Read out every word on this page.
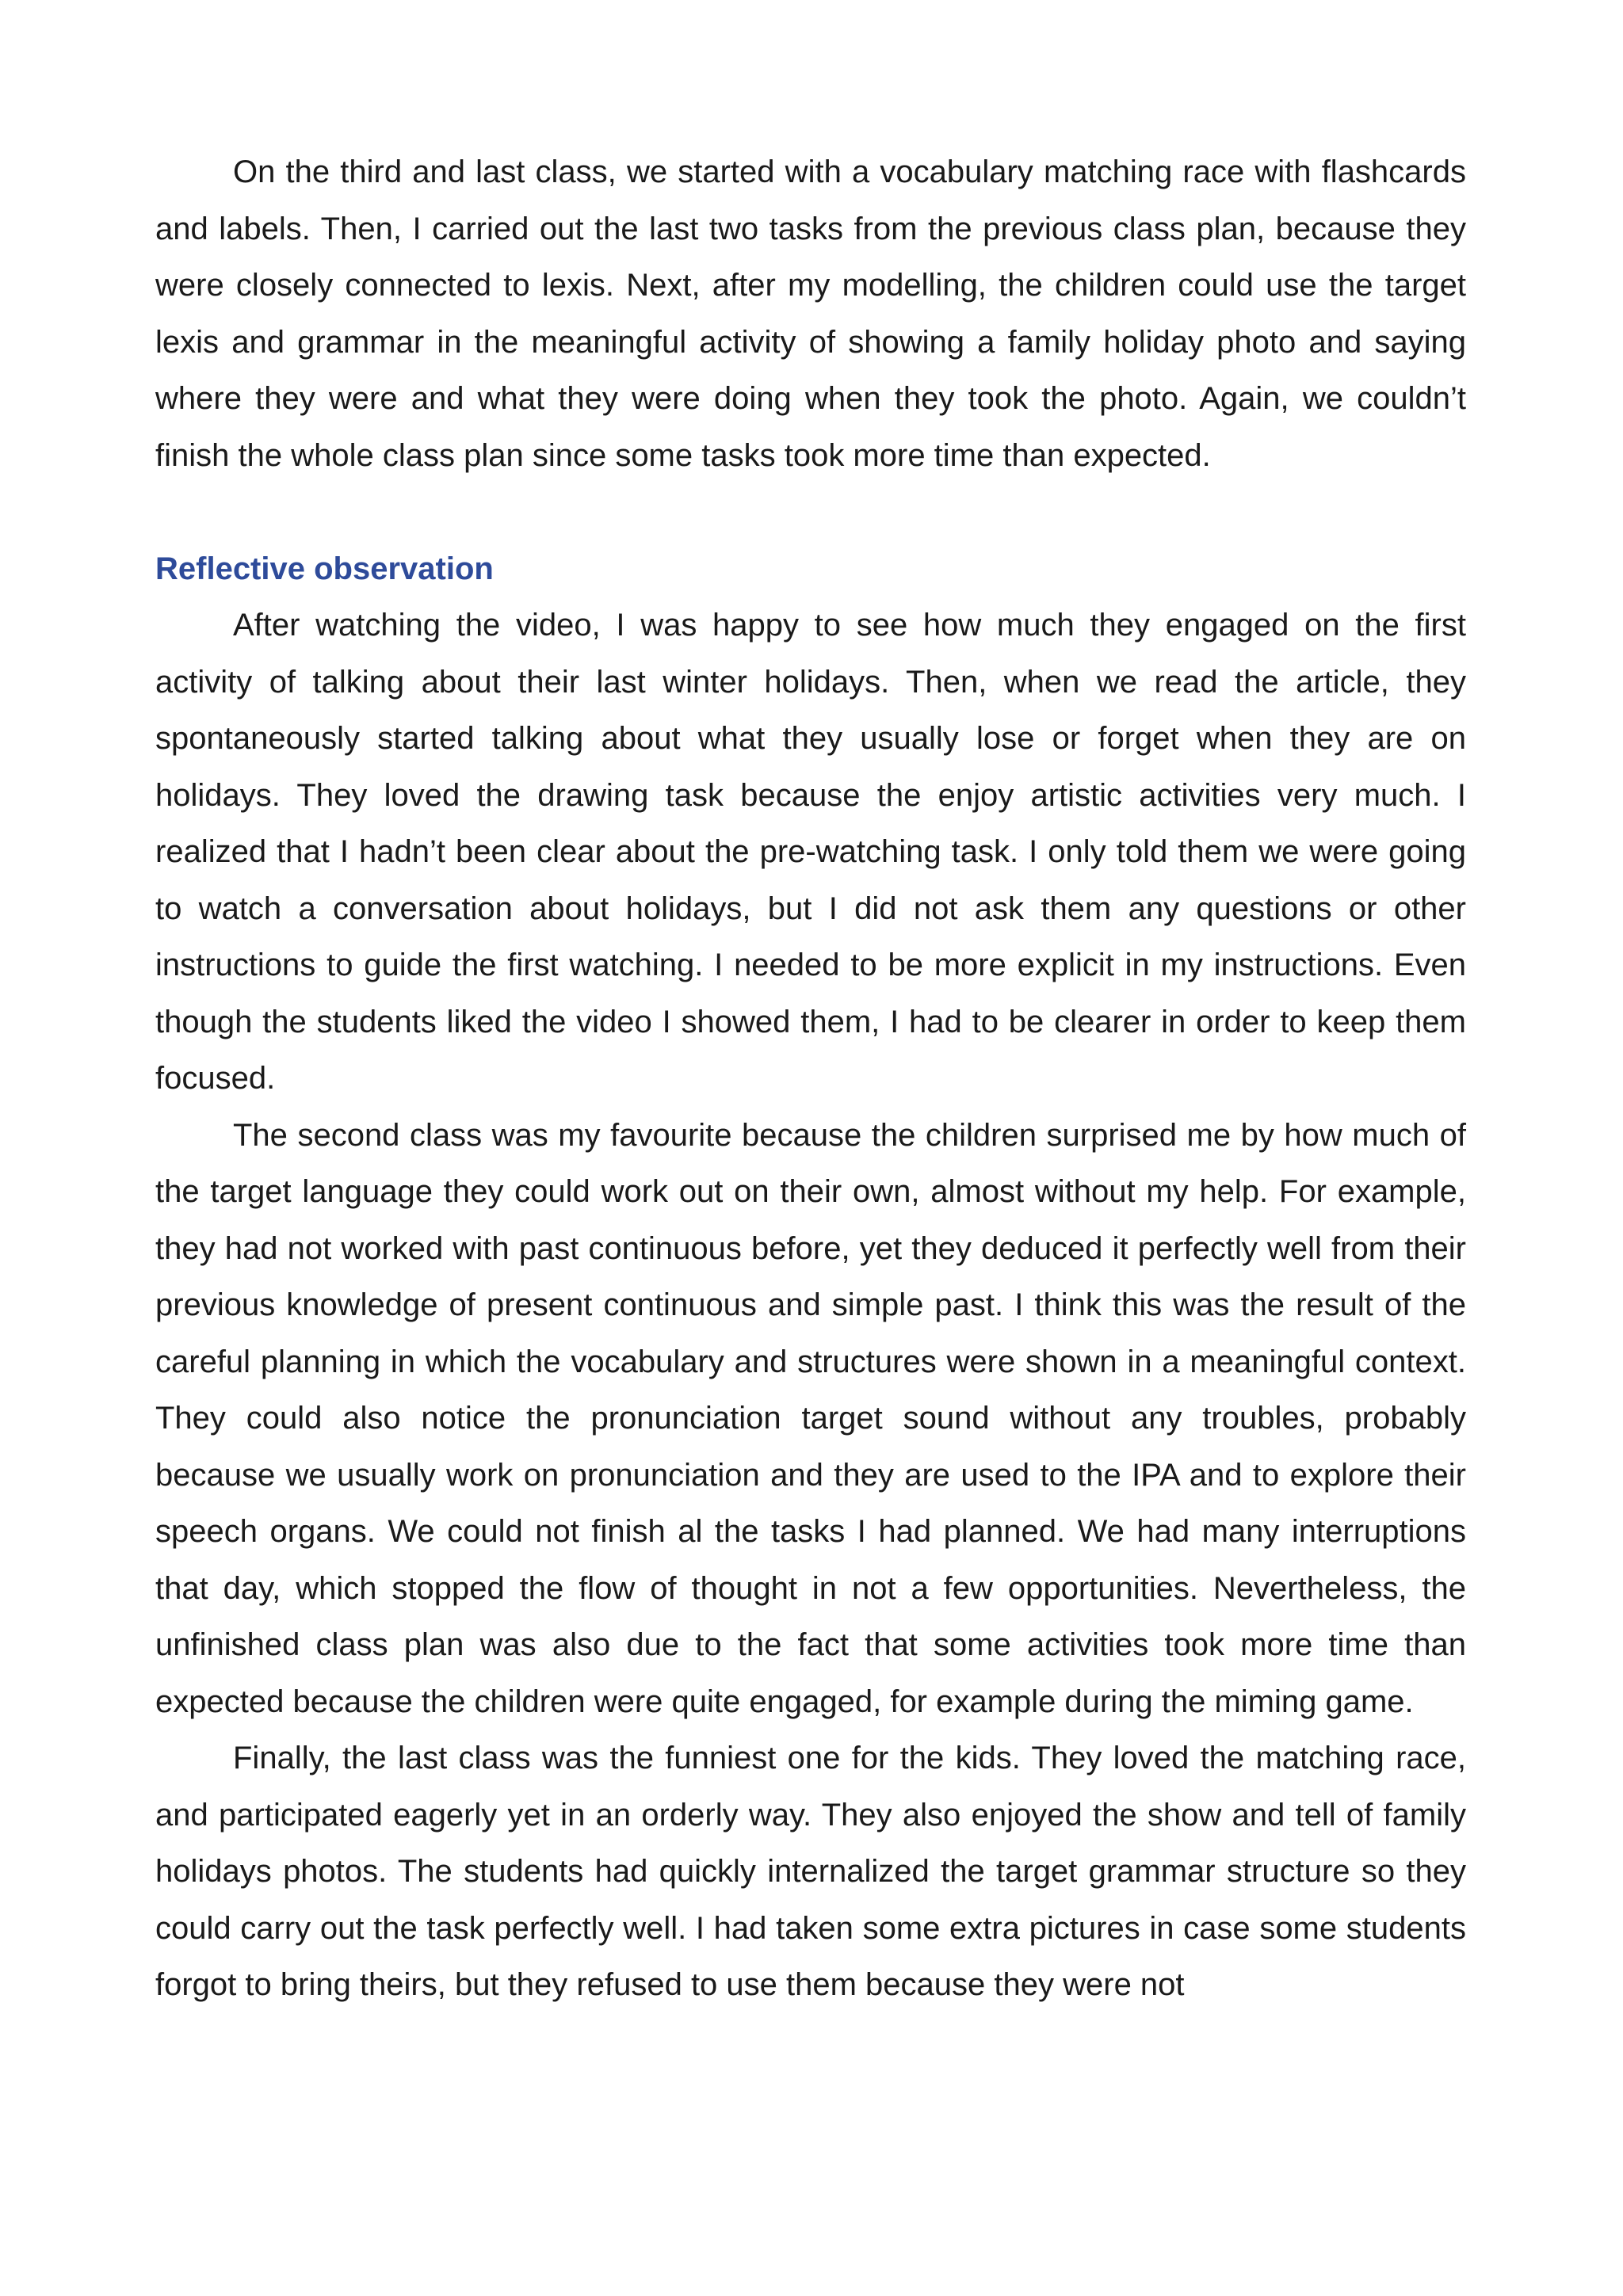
On the third and last class, we started with a vocabulary matching race with flashcards and labels. Then, I carried out the last two tasks from the previous class plan, because they were closely connected to lexis. Next, after my modelling, the children could use the target lexis and grammar in the meaningful activity of showing a family holiday photo and saying where they were and what they were doing when they took the photo. Again, we couldn’t finish the whole class plan since some tasks took more time than expected.

Reflective observation

After watching the video, I was happy to see how much they engaged on the first activity of talking about their last winter holidays. Then, when we read the article, they spontaneously started talking about what they usually lose or forget when they are on holidays. They loved the drawing task because the enjoy artistic activities very much. I realized that I hadn’t been clear about the pre-watching task. I only told them we were going to watch a conversation about holidays, but I did not ask them any questions or other instructions to guide the first watching. I needed to be more explicit in my instructions. Even though the students liked the video I showed them, I had to be clearer in order to keep them focused.

The second class was my favourite because the children surprised me by how much of the target language they could work out on their own, almost without my help. For example, they had not worked with past continuous before, yet they deduced it perfectly well from their previous knowledge of present continuous and simple past. I think this was the result of the careful planning in which the vocabulary and structures were shown in a meaningful context. They could also notice the pronunciation target sound without any troubles, probably because we usually work on pronunciation and they are used to the IPA and to explore their speech organs. We could not finish al the tasks I had planned. We had many interruptions that day, which stopped the flow of thought in not a few opportunities. Nevertheless, the unfinished class plan was also due to the fact that some activities took more time than expected because the children were quite engaged, for example during the miming game.

Finally, the last class was the funniest one for the kids. They loved the matching race, and participated eagerly yet in an orderly way. They also enjoyed the show and tell of family holidays photos. The students had quickly internalized the target grammar structure so they could carry out the task perfectly well. I had taken some extra pictures in case some students forgot to bring theirs, but they refused to use them because they were not
